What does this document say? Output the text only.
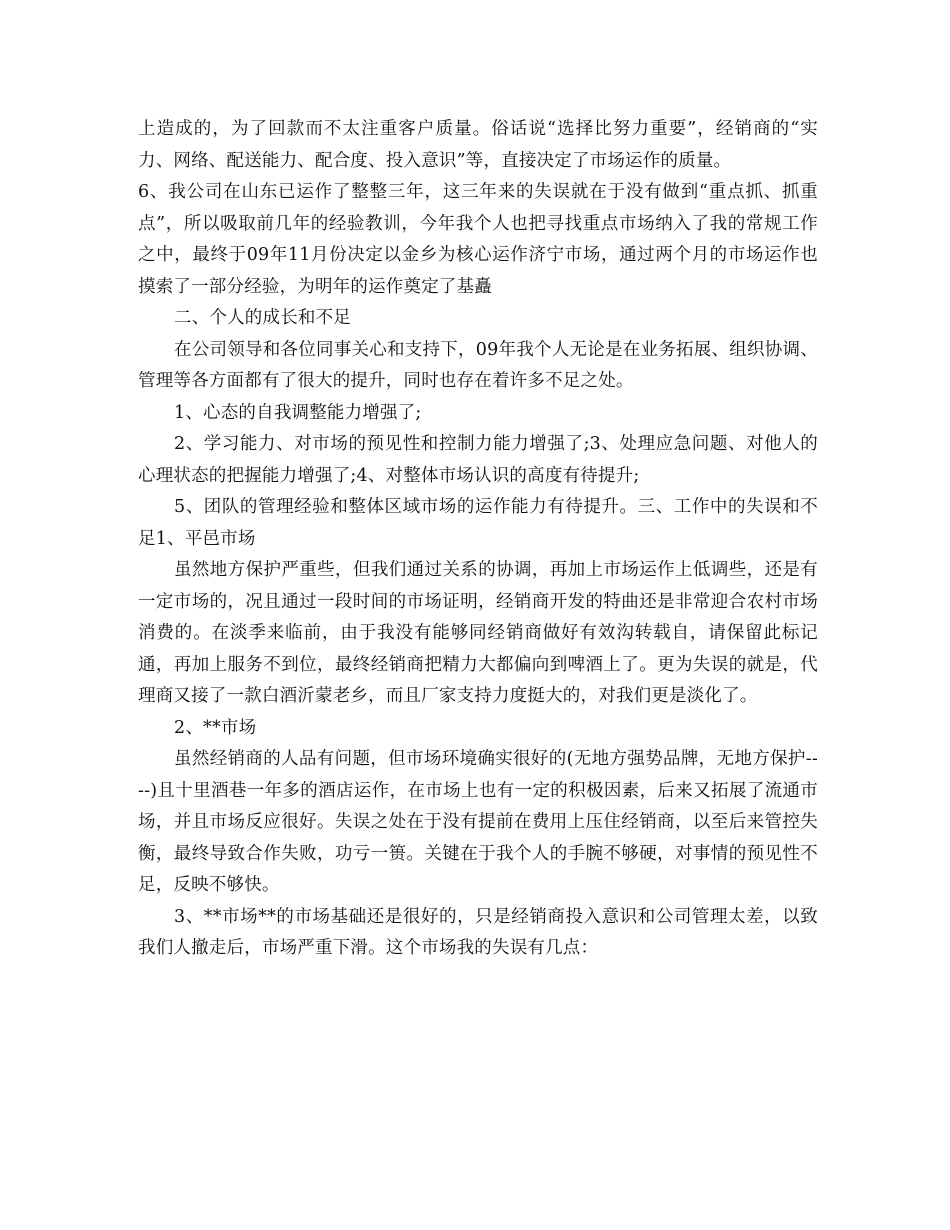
上造成的，为了回款而不太注重客户质量。俗话说“选择比努力重要”，经销商的“实力、网络、配送能力、配合度、投入意识”等，直接决定了市场运作的质量。

6、我公司在山东已运作了整整三年，这三年来的失误就在于没有做到“重点抓、抓重点”，所以吸取前几年的经验教训，今年我个人也把寻找重点市场纳入了我的常规工作之中，最终于09年11月份决定以金乡为核心运作济宁市场，通过两个月的市场运作也摸索了一部分经验，为明年的运作奠定了基矗

二、个人的成长和不足

在公司领导和各位同事关心和支持下，09年我个人无论是在业务拓展、组织协调、管理等各方面都有了很大的提升，同时也存在着许多不足之处。

1、心态的自我调整能力增强了;

2、学习能力、对市场的预见性和控制力能力增强了;3、处理应急问题、对他人的心理状态的把握能力增强了;4、对整体市场认识的高度有待提升;

5、团队的管理经验和整体区域市场的运作能力有待提升。三、工作中的失误和不足1、平邑市场

虽然地方保护严重些，但我们通过关系的协调，再加上市场运作上低调些，还是有一定市场的，况且通过一段时间的市场证明，经销商开发的特曲还是非常迎合农村市场消费的。在淡季来临前，由于我没有能够同经销商做好有效沟转载自，请保留此标记通，再加上服务不到位，最终经销商把精力大都偏向到啤酒上了。更为失误的就是，代理商又接了一款白酒沂蒙老乡，而且厂家支持力度挺大的，对我们更是淡化了。

2、**市场

虽然经销商的人品有问题，但市场环境确实很好的(无地方强势品牌，无地方保护----)且十里酒巷一年多的酒店运作，在市场上也有一定的积极因素，后来又拓展了流通市场，并且市场反应很好。失误之处在于没有提前在费用上压住经销商，以至后来管控失衡，最终导致合作失败，功亏一篑。关键在于我个人的手腕不够硬，对事情的预见性不足，反映不够快。

3、**市场**的市场基础还是很好的，只是经销商投入意识和公司管理太差，以致我们人撤走后，市场严重下滑。这个市场我的失误有几点：
